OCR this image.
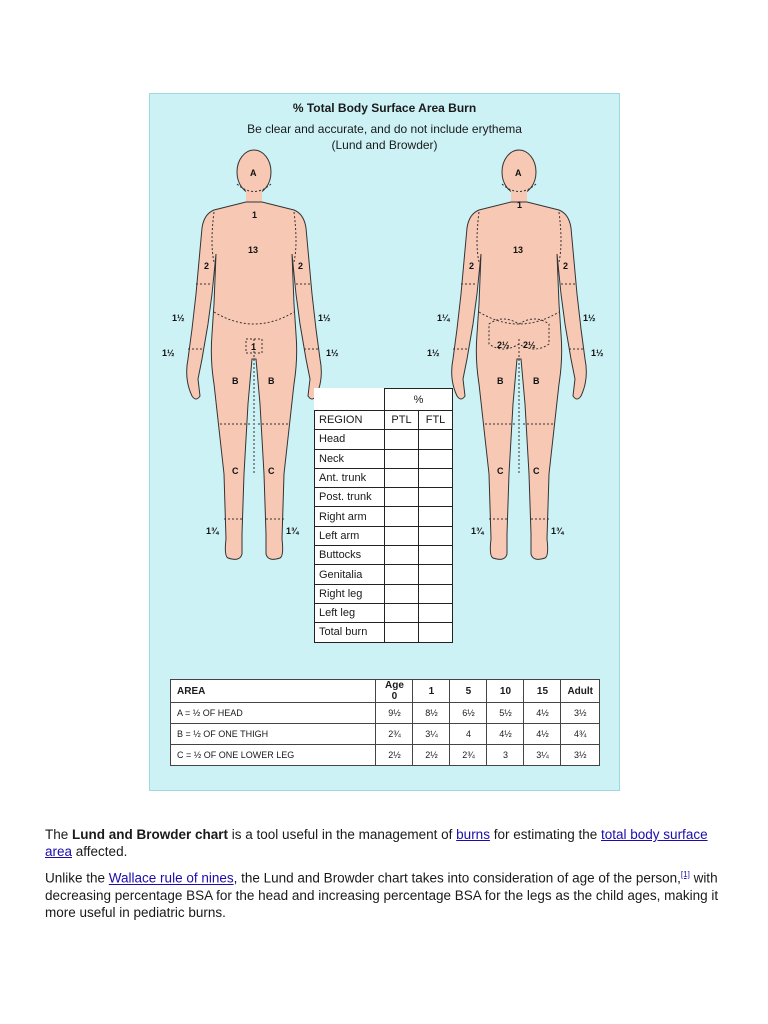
% Total Body Surface Area Burn
Be clear and accurate, and do not include erythema
(Lund and Browder)
A
1
13
2	2
1½	1½
1½	1½
1
B	B
C	C
1¾	1¾
A
1
13
2	2
1¼	1½
1½	1½
2½ 2½
B	B
C	C
1¾	1¾
	%	
REGION	PTL	FTL
Head		
Neck		
Ant. trunk		
Post. trunk		
Right arm		
Left arm		
Buttocks		
Genitalia		
Right leg		
Left leg		
Total burn		
AREA	Age 0	1	5	10	15	Adult
A = ½ OF HEAD	9½	8½	6½	5½	4½	3½
B = ½ OF ONE THIGH	2¾	3¼	4	4½	4½	4¾
C = ½ OF ONE LOWER LEG	2½	2½	2¾	3	3¼	3½

The Lund and Browder chart is a tool useful in the management of burns for estimating the total body surface area affected.

Unlike the Wallace rule of nines, the Lund and Browder chart takes into consideration of age of the person,[1] with decreasing percentage BSA for the head and increasing percentage BSA for the legs as the child ages, making it more useful in pediatric burns.
